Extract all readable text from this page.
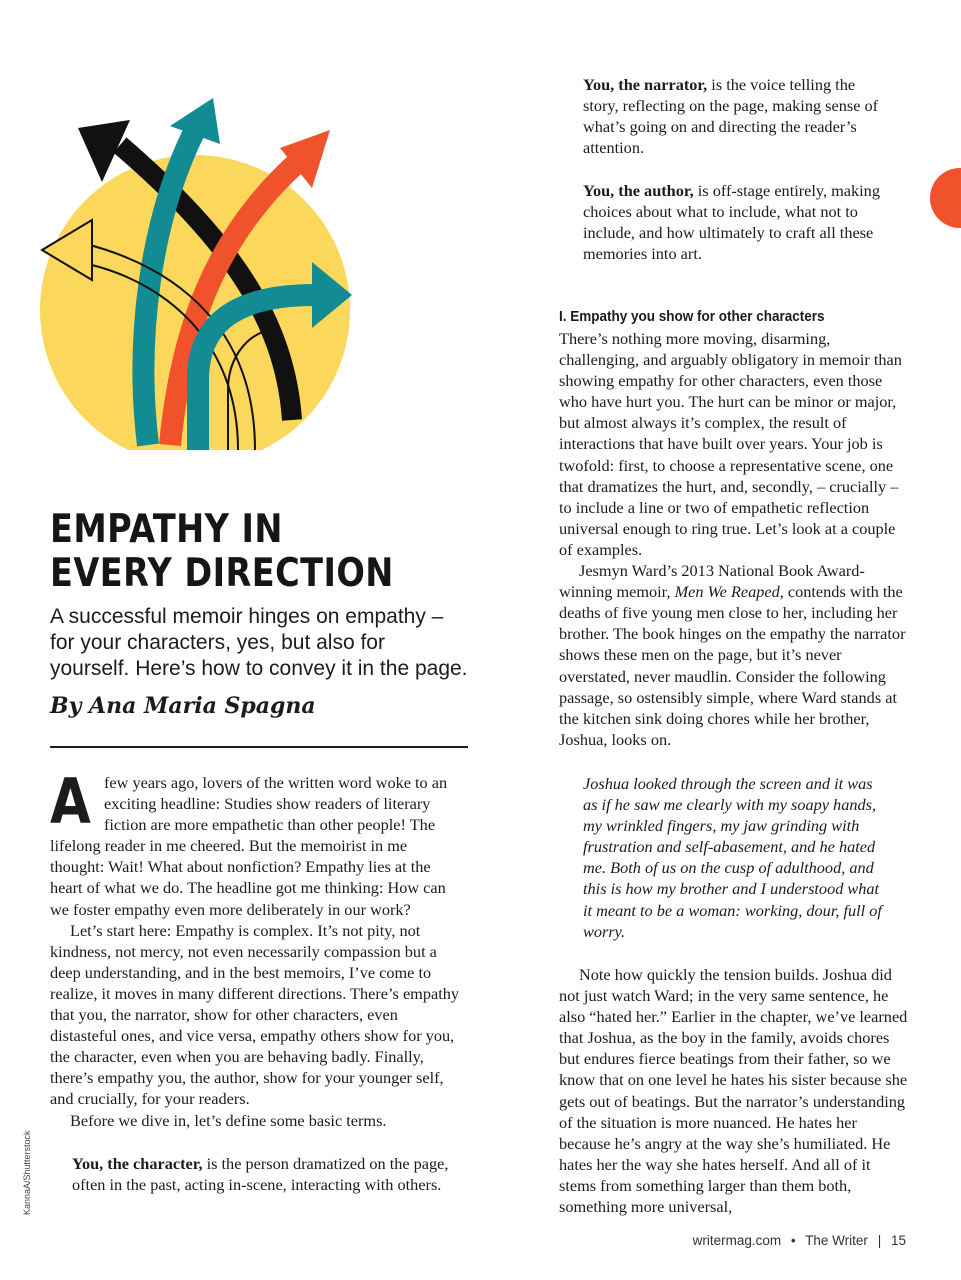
EMPATHY IN EVERY DIRECTION

A successful memoir hinges on empathy – for your characters, yes, but also for yourself. Here’s how to convey it in the page.

By Ana Maria Spagna

Afew years ago, lovers of the written word woke to an exciting headline: Studies show readers of literary fiction are more empathetic than other people! The lifelong reader in me cheered. But the memoirist in me thought: Wait! What about nonfiction? Empathy lies at the heart of what we do. The headline got me thinking: How can we foster empathy even more deliberately in our work?

Let’s start here: Empathy is complex. It’s not pity, not kindness, not mercy, not even necessarily compassion but a deep understanding, and in the best memoirs, I’ve come to realize, it moves in many different directions. There’s empathy that you, the narrator, show for other characters, even distasteful ones, and vice versa, empathy others show for you, the character, even when you are behaving badly. Finally, there’s empathy you, the author, show for your younger self, and crucially, for your readers.

Before we dive in, let’s define some basic terms.

You, the character, is the person dramatized on the page, often in the past, acting in-scene, interacting with others.

You, the narrator, is the voice telling the story, reflecting on the page, making sense of what’s going on and directing the reader’s attention.

You, the author, is off-stage entirely, making choices about what to include, what not to include, and how ultimately to craft all these memories into art.

I. Empathy you show for other characters

There’s nothing more moving, disarming, challenging, and arguably obligatory in memoir than showing empathy for other characters, even those who have hurt you. The hurt can be minor or major, but almost always it’s complex, the result of interactions that have built over years. Your job is twofold: first, to choose a representative scene, one that dramatizes the hurt, and, secondly, – crucially – to include a line or two of empathetic reflection universal enough to ring true. Let’s look at a couple of examples.

Jesmyn Ward’s 2013 National Book Award-winning memoir, Men We Reaped, contends with the deaths of five young men close to her, including her brother. The book hinges on the empathy the narrator shows these men on the page, but it’s never overstated, never maudlin. Consider the following passage, so ostensibly simple, where Ward stands at the kitchen sink doing chores while her brother, Joshua, looks on.

Joshua looked through the screen and it was as if he saw me clearly with my soapy hands, my wrinkled fingers, my jaw grinding with frustration and self-abasement, and he hated me. Both of us on the cusp of adulthood, and this is how my brother and I understood what it meant to be a woman: working, dour, full of worry.

Note how quickly the tension builds. Joshua did not just watch Ward; in the very same sentence, he also “hated her.” Earlier in the chapter, we’ve learned that Joshua, as the boy in the family, avoids chores but endures fierce beatings from their father, so we know that on one level he hates his sister because she gets out of beatings. But the narrator’s understanding of the situation is more nuanced. He hates her because he’s angry at the way she’s humiliated. He hates her the way she hates herself. And all of it stems from something larger than them both, something more universal,

KannaA/Shutterstock
writermag.com • The Writer | 15
